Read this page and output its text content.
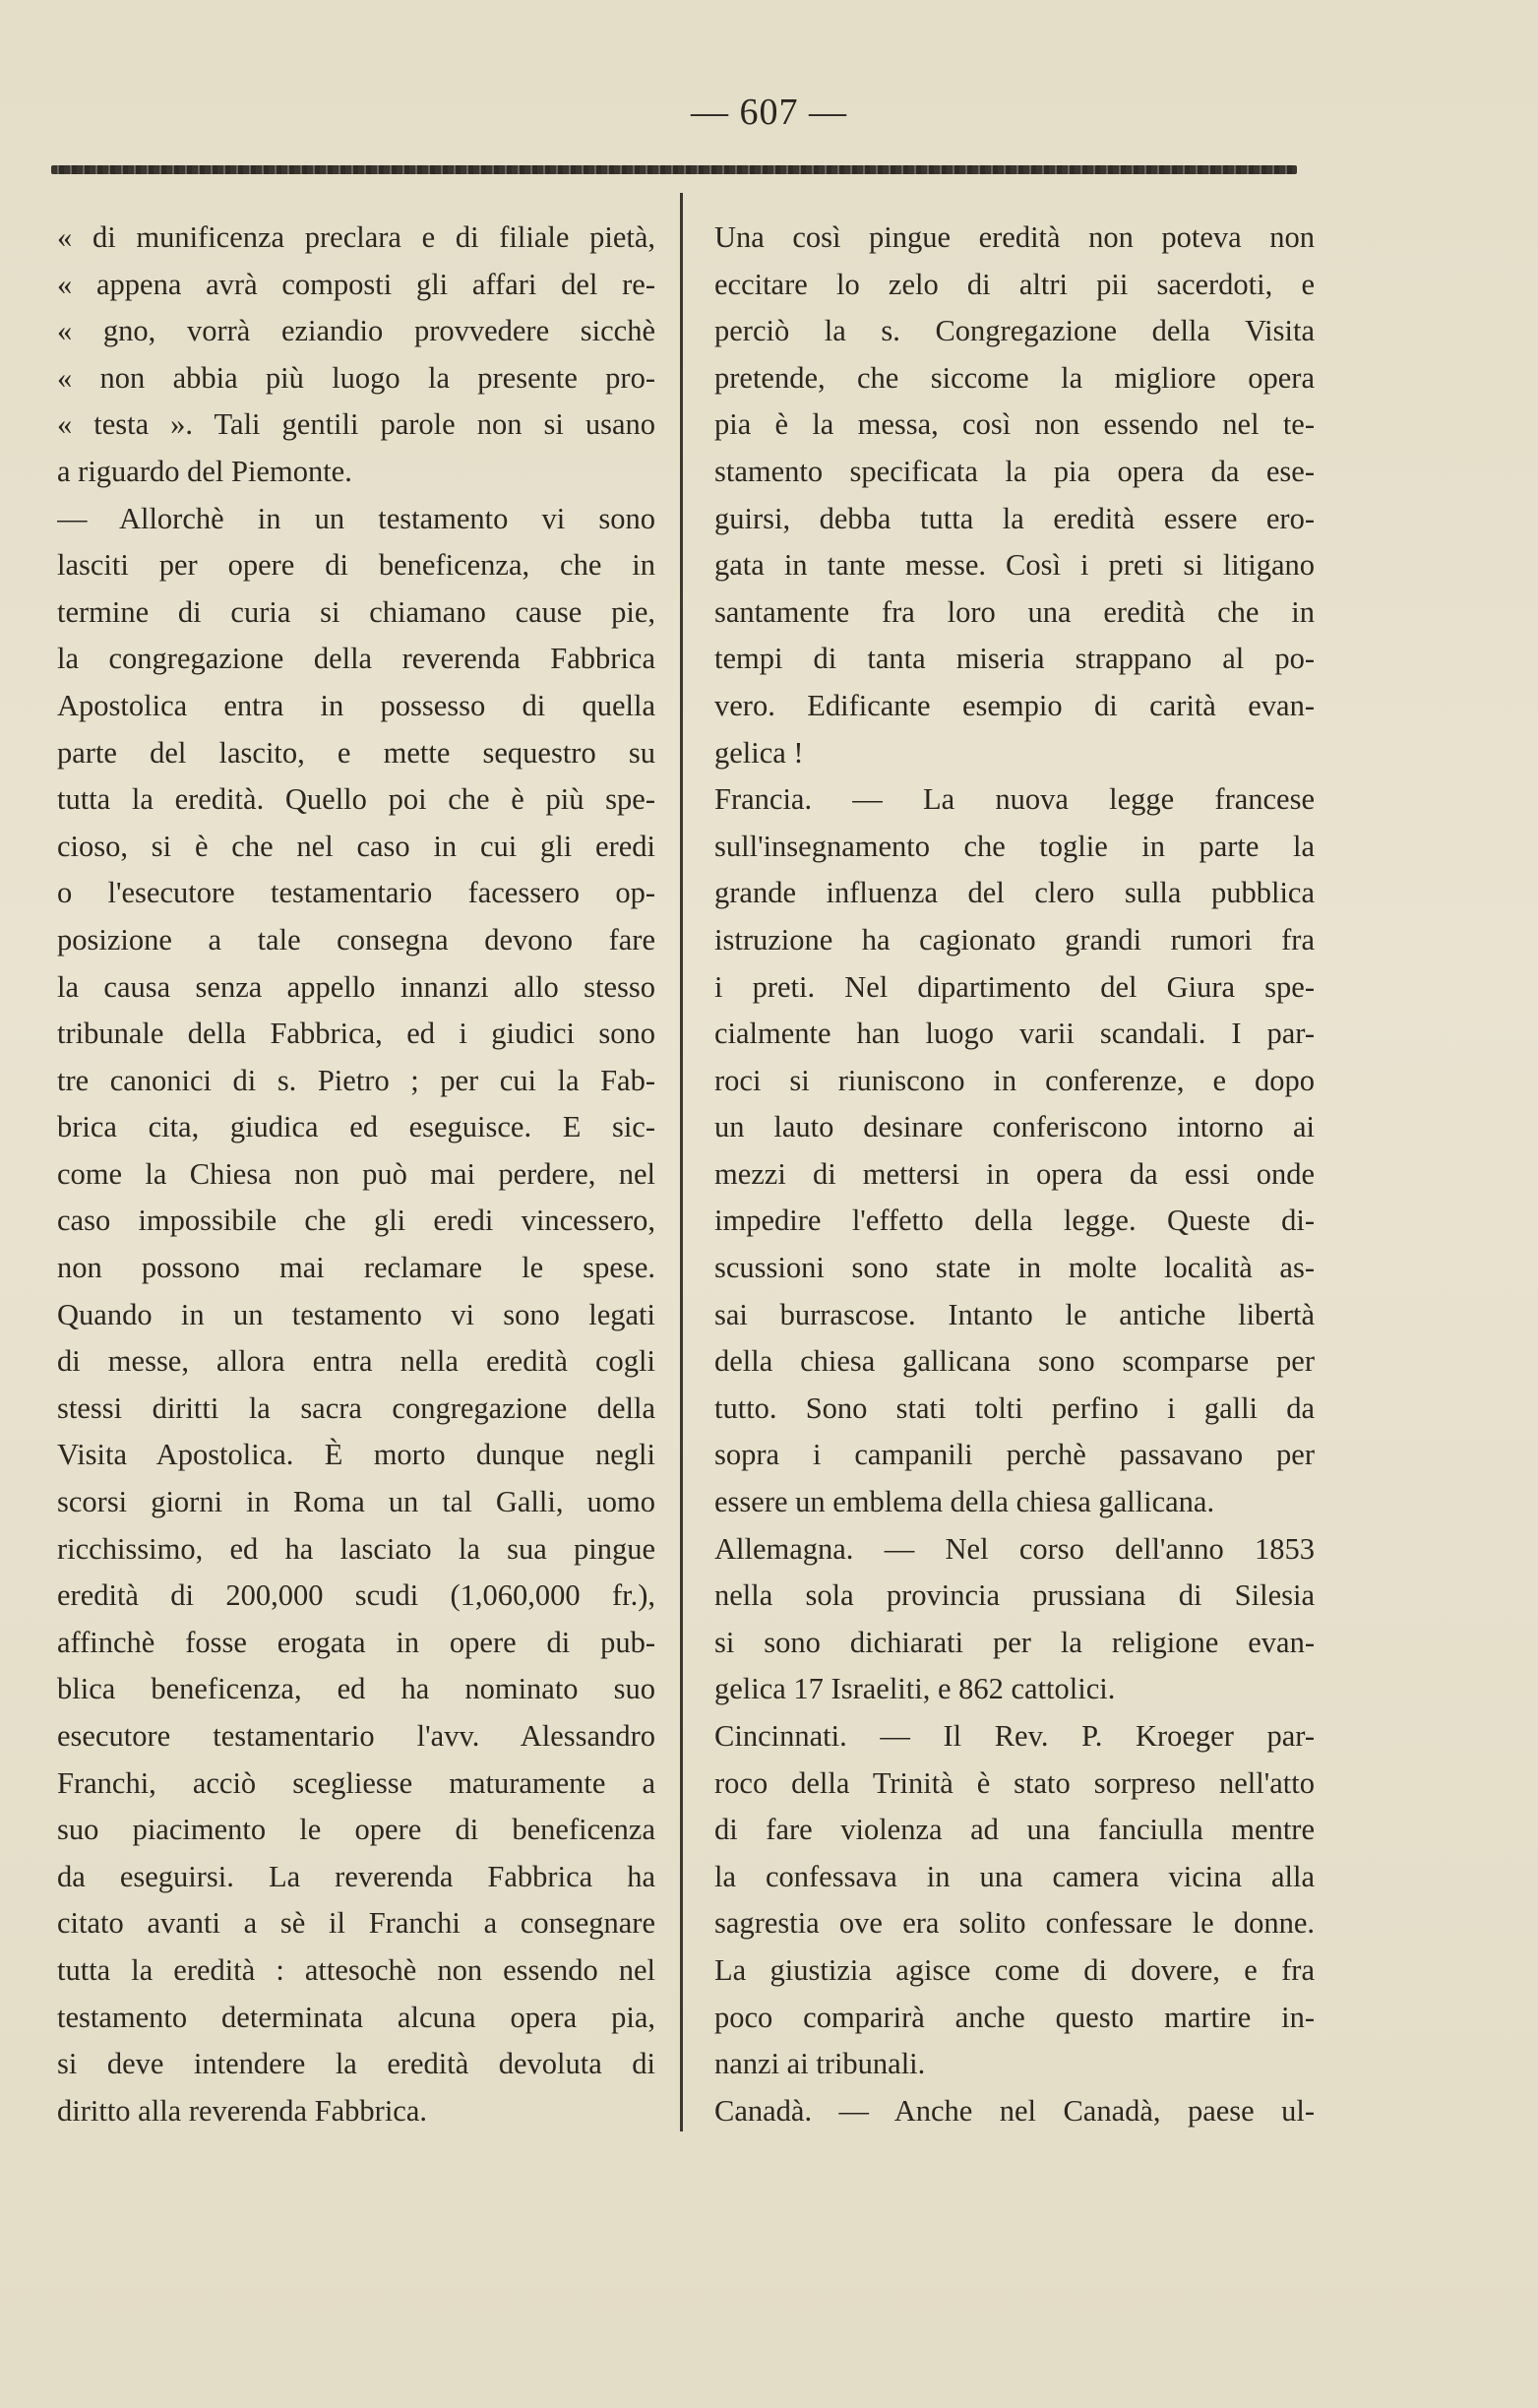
— 607 —
« di munificenza preclara e di filiale pietà,
« appena avrà composti gli affari del re-
« gno, vorrà eziandio provvedere sicchè
« non abbia più luogo la presente pro-
« testa ». Tali gentili parole non si usano
a riguardo del Piemonte.
— Allorchè in un testamento vi sono
lasciti per opere di beneficenza, che in
termine di curia si chiamano cause pie,
la congregazione della reverenda Fabbrica
Apostolica entra in possesso di quella
parte del lascito, e mette sequestro su
tutta la eredità. Quello poi che è più spe-
cioso, si è che nel caso in cui gli eredi
o l'esecutore testamentario facessero op-
posizione a tale consegna devono fare
la causa senza appello innanzi allo stesso
tribunale della Fabbrica, ed i giudici sono
tre canonici di s. Pietro ; per cui la Fab-
brica cita, giudica ed eseguisce. E sic-
come la Chiesa non può mai perdere, nel
caso impossibile che gli eredi vincessero,
non possono mai reclamare le spese.
Quando in un testamento vi sono legati
di messe, allora entra nella eredità cogli
stessi diritti la sacra congregazione della
Visita Apostolica. È morto dunque negli
scorsi giorni in Roma un tal Galli, uomo
ricchissimo, ed ha lasciato la sua pingue
eredità di 200,000 scudi (1,060,000 fr.),
affinchè fosse erogata in opere di pub-
blica beneficenza, ed ha nominato suo
esecutore testamentario l'avv. Alessandro
Franchi, acciò scegliesse maturamente a
suo piacimento le opere di beneficenza
da eseguirsi. La reverenda Fabbrica ha
citato avanti a sè il Franchi a consegnare
tutta la eredità : attesochè non essendo nel
testamento determinata alcuna opera pia,
si deve intendere la eredità devoluta di
diritto alla reverenda Fabbrica.
Una così pingue eredità non poteva non
eccitare lo zelo di altri pii sacerdoti, e
perciò la s. Congregazione della Visita
pretende, che siccome la migliore opera
pia è la messa, così non essendo nel te-
stamento specificata la pia opera da ese-
guirsi, debba tutta la eredità essere ero-
gata in tante messe. Così i preti si litigano
santamente fra loro una eredità che in
tempi di tanta miseria strappano al po-
vero. Edificante esempio di carità evan-
gelica !
Francia. — La nuova legge francese
sull'insegnamento che toglie in parte la
grande influenza del clero sulla pubblica
istruzione ha cagionato grandi rumori fra
i preti. Nel dipartimento del Giura spe-
cialmente han luogo varii scandali. I par-
roci si riuniscono in conferenze, e dopo
un lauto desinare conferiscono intorno ai
mezzi di mettersi in opera da essi onde
impedire l'effetto della legge. Queste di-
scussioni sono state in molte località as-
sai burrascose. Intanto le antiche libertà
della chiesa gallicana sono scomparse per
tutto. Sono stati tolti perfino i galli da
sopra i campanili perchè passavano per
essere un emblema della chiesa gallicana.
Allemagna. — Nel corso dell'anno 1853
nella sola provincia prussiana di Silesia
si sono dichiarati per la religione evan-
gelica 17 Israeliti, e 862 cattolici.
Cincinnati. — Il Rev. P. Kroeger par-
roco della Trinità è stato sorpreso nell'atto
di fare violenza ad una fanciulla mentre
la confessava in una camera vicina alla
sagrestia ove era solito confessare le donne.
La giustizia agisce come di dovere, e fra
poco comparirà anche questo martire in-
nanzi ai tribunali.
Canadà. — Anche nel Canadà, paese ul-
